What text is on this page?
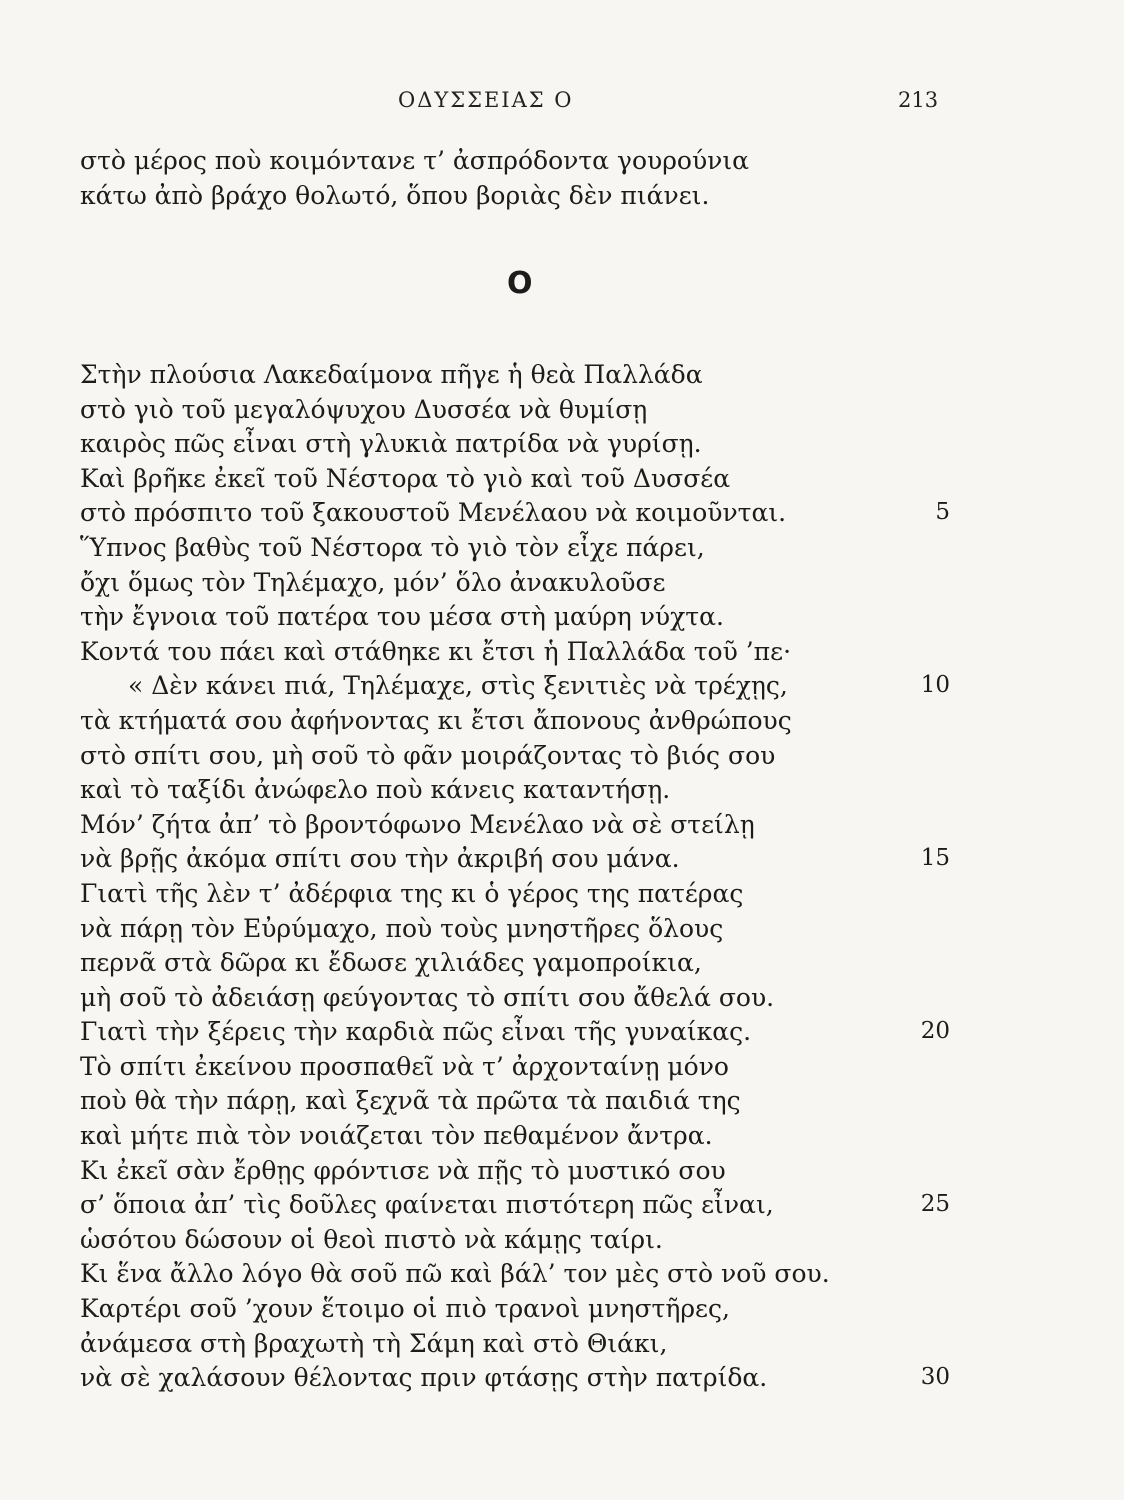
ΟΔΥΣΣΕΙΑΣ Ο	213
στὸ μέρος ποὺ κοιμόντανε τ’ ἀσπρόδοντα γουρούνια
κάτω ἀπὸ βράχο θολωτό, ὅπου βοριὰς δὲν πιάνει.
Ο
Στὴν πλούσια Λακεδαίμονα πῆγε ἡ θεὰ Παλλάδα
στὸ γιὸ τοῦ μεγαλόψυχου Δυσσέα νὰ θυμίσῃ
καιρὸς πῶς εἶναι στὴ γλυκιὰ πατρίδα νὰ γυρίσῃ.
Καὶ βρῆκε ἐκεῖ τοῦ Νέστορα τὸ γιὸ καὶ τοῦ Δυσσέα
στὸ πρόσπιτο τοῦ ξακουστοῦ Μενέλαου νὰ κοιμοῦνται.
Ὕπνος βαθὺς τοῦ Νέστορα τὸ γιὸ τὸν εἶχε πάρει,
ὄχι ὅμως τὸν Τηλέμαχο, μόν’ ὅλο ἀνακυλοῦσε
τὴν ἔγνοια τοῦ πατέρα του μέσα στὴ μαύρη νύχτα.
Κοντά του πάει καὶ στάθηκε κι ἔτσι ἡ Παλλάδα τοῦ ’πε·
« Δὲν κάνει πιά, Τηλέμαχε, στὶς ξενιτιὲς νὰ τρέχῃς,
τὰ κτήματά σου ἀφήνοντας κι ἔτσι ἄπονους ἀνθρώπους
στὸ σπίτι σου, μὴ σοῦ τὸ φᾶν μοιράζοντας τὸ βιός σου
καὶ τὸ ταξίδι ἀνώφελο ποὺ κάνεις καταντήσῃ.
Μόν’ ζήτα ἀπ’ τὸ βροντόφωνο Μενέλαο νὰ σὲ στείλῃ
νὰ βρῇς ἀκόμα σπίτι σου τὴν ἀκριβή σου μάνα.
Γιατὶ τῆς λὲν τ’ ἀδέρφια της κι ὁ γέρος της πατέρας
νὰ πάρῃ τὸν Εὐρύμαχο, ποὺ τοὺς μνηστῆρες ὅλους
περνᾶ στὰ δῶρα κι ἔδωσε χιλιάδες γαμοπροίκια,
μὴ σοῦ τὸ ἀδειάσῃ φεύγοντας τὸ σπίτι σου ἄθελά σου.
Γιατὶ τὴν ξέρεις τὴν καρδιὰ πῶς εἶναι τῆς γυναίκας.
Τὸ σπίτι ἐκείνου προσπαθεῖ νὰ τ’ ἀρχονταίνῃ μόνο
ποὺ θὰ τὴν πάρῃ, καὶ ξεχνᾶ τὰ πρῶτα τὰ παιδιά της
καὶ μήτε πιὰ τὸν νοιάζεται τὸν πεθαμένον ἄντρα.
Κι ἐκεῖ σὰν ἔρθῃς φρόντισε νὰ πῇς τὸ μυστικό σου
σ’ ὅποια ἀπ’ τὶς δοῦλες φαίνεται πιστότερη πῶς εἶναι,
ὡσότου δώσουν οἱ θεοὶ πιστὸ νὰ κάμῃς ταίρι.
Κι ἕνα ἄλλο λόγο θὰ σοῦ πῶ καὶ βάλ’ τον μὲς στὸ νοῦ σου.
Καρτέρι σοῦ ’χουν ἕτοιμο οἱ πιὸ τρανοὶ μνηστῆρες,
ἀνάμεσα στὴ βραχωτὴ τὴ Σάμη καὶ στὸ Θιάκι,
νὰ σὲ χαλάσουν θέλοντας πριν φτάσῃς στὴν πατρίδα.
5
10
15
20
25
30
